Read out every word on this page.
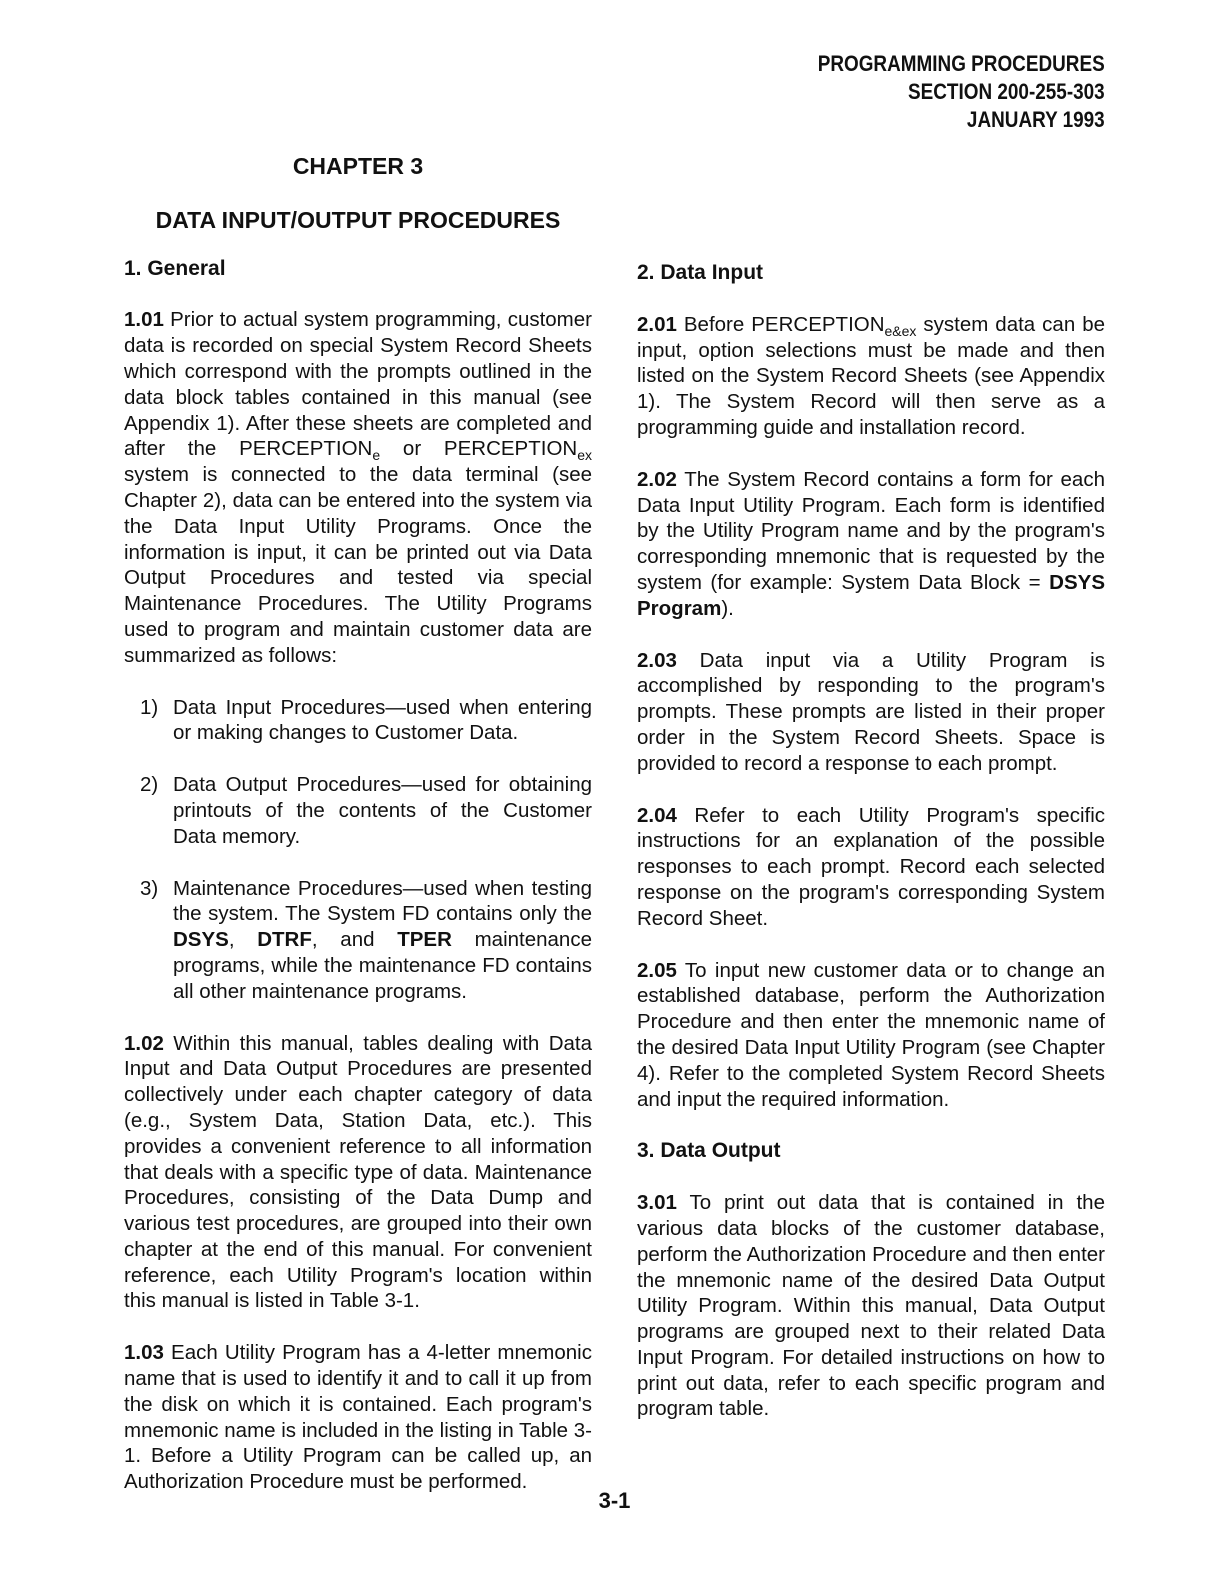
PROGRAMMING PROCEDURES
SECTION 200-255-303
JANUARY 1993
CHAPTER 3
DATA INPUT/OUTPUT PROCEDURES
1. General

1.01 Prior to actual system programming, customer data is recorded on special System Record Sheets which correspond with the prompts outlined in the data block tables contained in this manual (see Appendix 1). After these sheets are completed and after the $PERCEPTION_e$ or $PERCEPTION_{ex}$ system is connected to the data terminal (see Chapter 2), data can be entered into the system via the Data Input Utility Programs. Once the information is input, it can be printed out via Data Output Procedures and tested via special Maintenance Procedures. The Utility Programs used to program and maintain customer data are summarized as follows:

1) Data Input Procedures—used when entering or making changes to Customer Data.
2) Data Output Procedures—used for obtaining printouts of the contents of the Customer Data memory.
3) Maintenance Procedures—used when testing the system. The System FD contains only the DSYS, DTRF, and TPER maintenance programs, while the maintenance FD contains all other maintenance programs.

1.02 Within this manual, tables dealing with Data Input and Data Output Procedures are presented collectively under each chapter category of data (e.g., System Data, Station Data, etc.). This provides a convenient reference to all information that deals with a specific type of data. Maintenance Procedures, consisting of the Data Dump and various test procedures, are grouped into their own chapter at the end of this manual. For convenient reference, each Utility Program's location within this manual is listed in Table 3-1.

1.03 Each Utility Program has a 4-letter mnemonic name that is used to identify it and to call it up from the disk on which it is contained. Each program's mnemonic name is included in the listing in Table 3-1. Before a Utility Program can be called up, an Authorization Procedure must be performed.

2. Data Input

2.01 Before $PERCEPTION_{e\&ex}$ system data can be input, option selections must be made and then listed on the System Record Sheets (see Appendix 1). The System Record will then serve as a programming guide and installation record.

2.02 The System Record contains a form for each Data Input Utility Program. Each form is identified by the Utility Program name and by the program's corresponding mnemonic that is requested by the system (for example: System Data Block = DSYS Program).

2.03 Data input via a Utility Program is accomplished by responding to the program's prompts. These prompts are listed in their proper order in the System Record Sheets. Space is provided to record a response to each prompt.

2.04 Refer to each Utility Program's specific instructions for an explanation of the possible responses to each prompt. Record each selected response on the program's corresponding System Record Sheet.

2.05 To input new customer data or to change an established database, perform the Authorization Procedure and then enter the mnemonic name of the desired Data Input Utility Program (see Chapter 4). Refer to the completed System Record Sheets and input the required information.

3. Data Output

3.01 To print out data that is contained in the various data blocks of the customer database, perform the Authorization Procedure and then enter the mnemonic name of the desired Data Output Utility Program. Within this manual, Data Output programs are grouped next to their related Data Input Program. For detailed instructions on how to print out data, refer to each specific program and program table.

3-1
